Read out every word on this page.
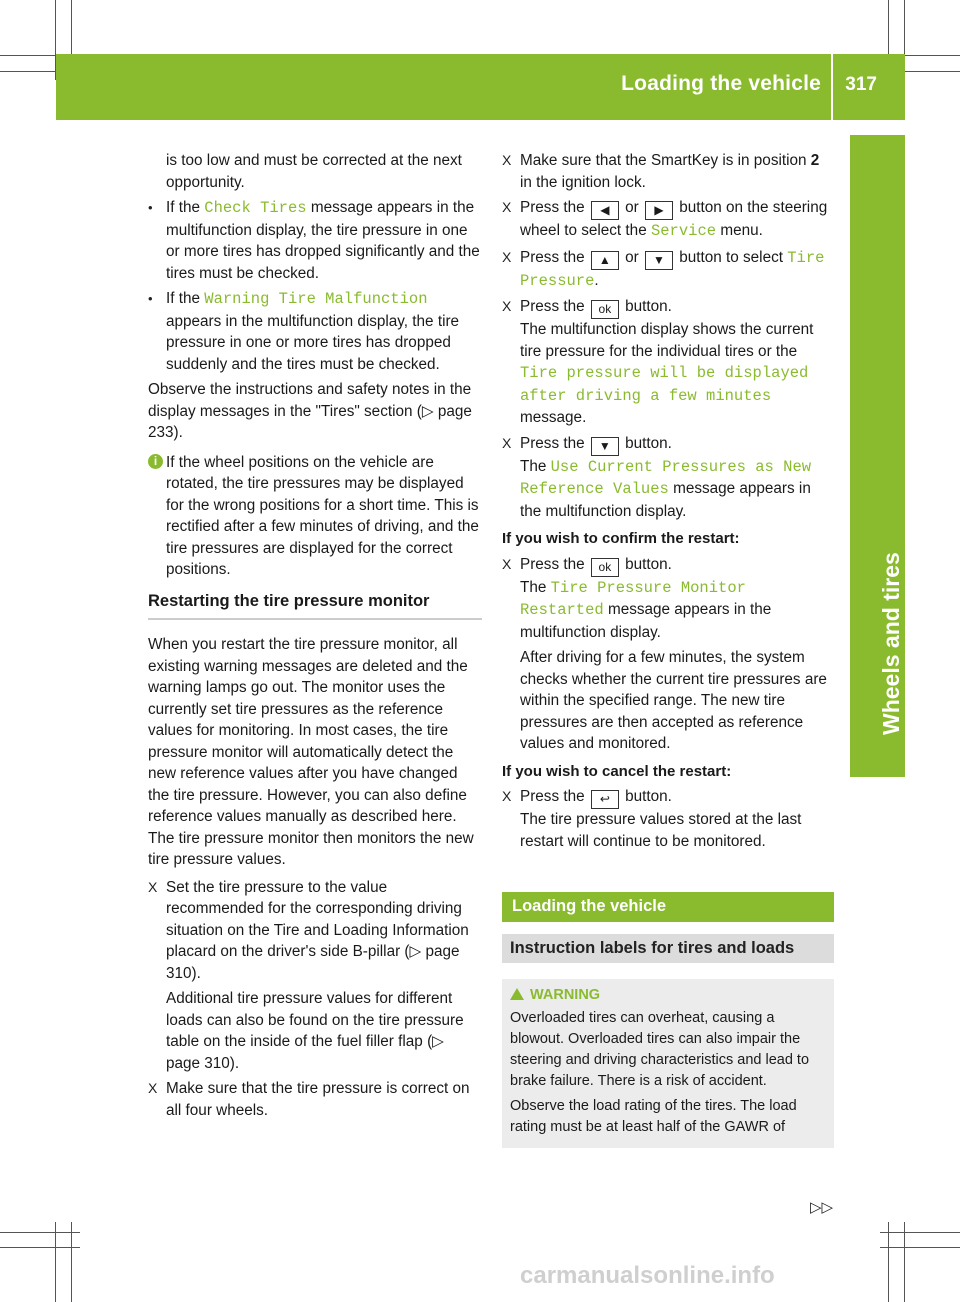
Loading the vehicle 317
Wheels and tires

is too low and must be corrected at the next opportunity.

• If the Check Tires message appears in the multifunction display, the tire pressure in one or more tires has dropped significantly and the tires must be checked.
• If the Warning Tire Malfunction appears in the multifunction display, the tire pressure in one or more tires has dropped suddenly and the tires must be checked.

Observe the instructions and safety notes in the display messages in the "Tires" section (▷ page 233).

i If the wheel positions on the vehicle are rotated, the tire pressures may be displayed for the wrong positions for a short time. This is rectified after a few minutes of driving, and the tire pressures are displayed for the correct positions.
Restarting the tire pressure monitor

When you restart the tire pressure monitor, all existing warning messages are deleted and the warning lamps go out. The monitor uses the currently set tire pressures as the reference values for monitoring. In most cases, the tire pressure monitor will automatically detect the new reference values after you have changed the tire pressure. However, you can also define reference values manually as described here. The tire pressure monitor then monitors the new tire pressure values.

X Set the tire pressure to the value recommended for the corresponding driving situation on the Tire and Loading Information placard on the driver's side B-pillar (▷ page 310).

Additional tire pressure values for different loads can also be found on the tire pressure table on the inside of the fuel filler flap (▷ page 310).

X Make sure that the tire pressure is correct on all four wheels.
X Make sure that the SmartKey is in position 2 in the ignition lock.
X Press the ◀ or ▶ button on the steering wheel to select the Service menu.
X Press the ▲ or ▼ button to select Tire Pressure.
X Press the ok button.
The multifunction display shows the current tire pressure for the individual tires or the Tire pressure will be displayed after driving a few minutes message.
X Press the ▼ button.
The Use Current Pressures as New Reference Values message appears in the multifunction display.
If you wish to confirm the restart:
X Press the ok button.
The Tire Pressure Monitor Restarted message appears in the multifunction display.

After driving for a few minutes, the system checks whether the current tire pressures are within the specified range. The new tire pressures are then accepted as reference values and monitored.

If you wish to cancel the restart:
X Press the ↩ button.
The tire pressure values stored at the last restart will continue to be monitored.
Loading the vehicle
Instruction labels for tires and loads
WARNING

Overloaded tires can overheat, causing a blowout. Overloaded tires can also impair the steering and driving characteristics and lead to brake failure. There is a risk of accident.

Observe the load rating of the tires. The load rating must be at least half of the GAWR of

▷▷
carmanualsonline.info
